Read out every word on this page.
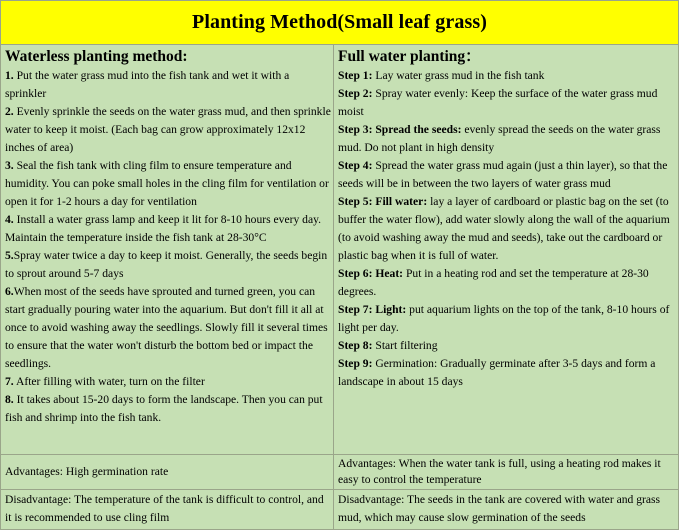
Planting Method(Small leaf grass)
Waterless planting method:

1. Put the water grass mud into the fish tank and wet it with a sprinkler

2. Evenly sprinkle the seeds on the water grass mud, and then sprinkle water to keep it moist. (Each bag can grow approximately 12x12 inches of area)

3. Seal the fish tank with cling film to ensure temperature and humidity. You can poke small holes in the cling film for ventilation or open it for 1-2 hours a day for ventilation

4. Install a water grass lamp and keep it lit for 8-10 hours every day. Maintain the temperature inside the fish tank at 28-30°C

5.Spray water twice a day to keep it moist. Generally, the seeds begin to sprout around 5-7 days

6.When most of the seeds have sprouted and turned green, you can start gradually pouring water into the aquarium. But don't fill it all at once to avoid washing away the seedlings. Slowly fill it several times to ensure that the water won't disturb the bottom bed or impact the seedlings.

7. After filling with water, turn on the filter

8. It takes about 15-20 days to form the landscape. Then you can put fish and shrimp into the fish tank.

Full water planting：

Step 1: Lay water grass mud in the fish tank

Step 2: Spray water evenly: Keep the surface of the water grass mud moist

Step 3: Spread the seeds: evenly spread the seeds on the water grass mud. Do not plant in high density

Step 4: Spread the water grass mud again (just a thin layer), so that the seeds will be in between the two layers of water grass mud

Step 5: Fill water: lay a layer of cardboard or plastic bag on the set (to buffer the water flow), add water slowly along the wall of the aquarium (to avoid washing away the mud and seeds), take out the cardboard or plastic bag when it is full of water.

Step 6: Heat: Put in a heating rod and set the temperature at 28-30 degrees.

Step 7: Light: put aquarium lights on the top of the tank, 8-10 hours of light per day.

Step 8: Start filtering

Step 9: Germination: Gradually germinate after 3-5 days and form a landscape in about 15 days

Advantages: High germination rate
Advantages: When the water tank is full, using a heating rod makes it easy to control the temperature
Disadvantage: The temperature of the tank is difficult to control, and it is recommended to use cling film
Disadvantage: The seeds in the tank are covered with water and grass mud, which may cause slow germination of the seeds
